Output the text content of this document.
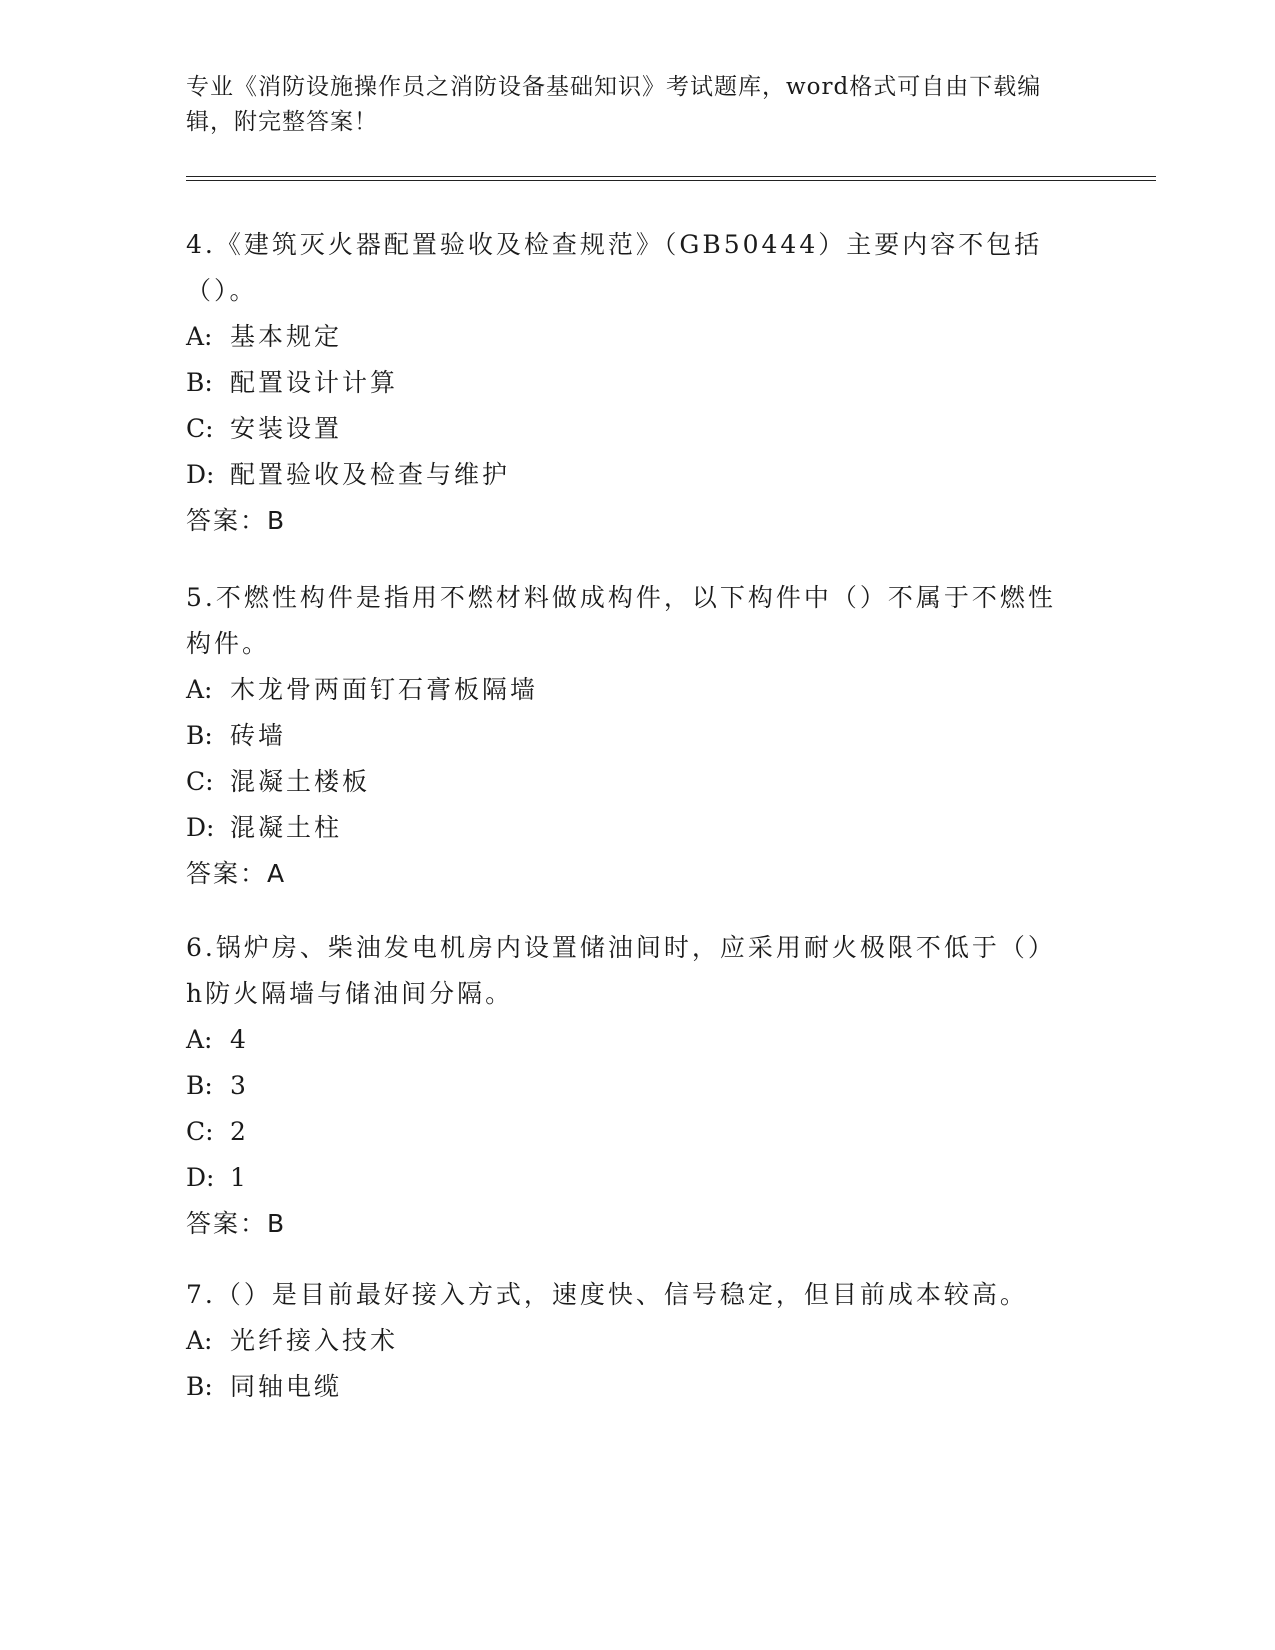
专业《消防设施操作员之消防设备基础知识》考试题库，word格式可自由下载编
辑，附完整答案！

4.《建筑灭火器配置验收及检查规范》（GB50444）主要内容不包括（）。

A: 基本规定

B: 配置设计计算

C: 安装设置

D: 配置验收及检查与维护

答案：B

5.不燃性构件是指用不燃材料做成构件，以下构件中（）不属于不燃性构件。

A: 木龙骨两面钉石膏板隔墙

B: 砖墙

C: 混凝土楼板

D: 混凝土柱

答案：A

6.锅炉房、柴油发电机房内设置储油间时，应采用耐火极限不低于（）h防火隔墙与储油间分隔。

A: 4

B: 3

C: 2

D: 1

答案：B

7.（）是目前最好接入方式，速度快、信号稳定，但目前成本较高。

A: 光纤接入技术

B: 同轴电缆
